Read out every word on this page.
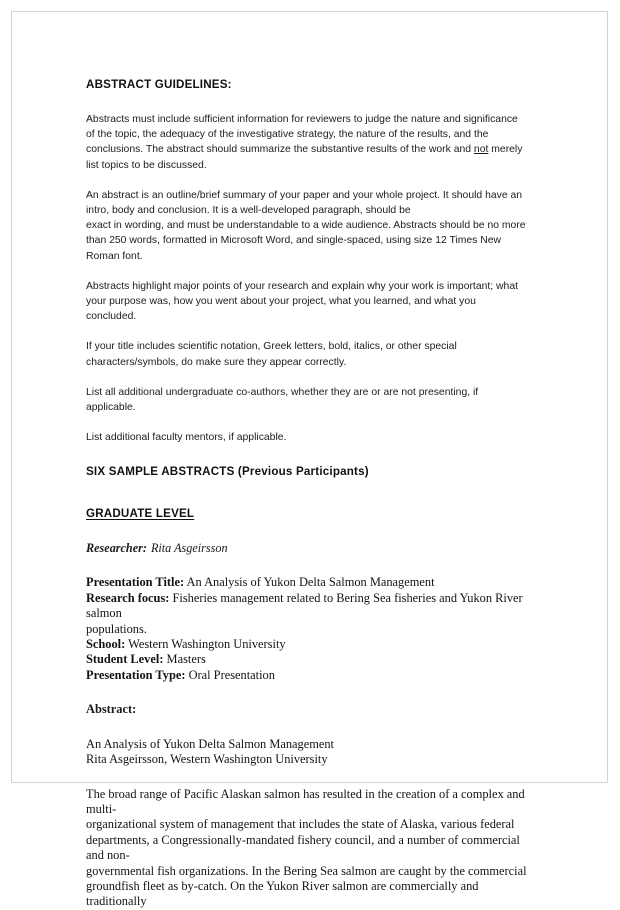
ABSTRACT GUIDELINES:

Abstracts must include sufficient information for reviewers to judge the nature and significance

of the topic, the adequacy of the investigative strategy, the nature of the results, and the

conclusions. The abstract should summarize the substantive results of the work and not merely

list topics to be discussed.

An abstract is an outline/brief summary of your paper and your whole project. It should have an

intro, body and conclusion. It is a well-developed paragraph, should be

exact in wording, and must be understandable to a wide audience. Abstracts should be no more

than 250 words, formatted in Microsoft Word, and single-spaced, using size 12 Times New

Roman font.

Abstracts highlight major points of your research and explain why your work is important; what

your purpose was, how you went about your project, what you learned, and what you

concluded.

If your title includes scientific notation, Greek letters, bold, italics, or other special

characters/symbols, do make sure they appear correctly.

List all additional undergraduate co-authors, whether they are or are not presenting, if

applicable.

List additional faculty mentors, if applicable.

SIX SAMPLE ABSTRACTS (Previous Participants)
GRADUATE LEVEL
Researcher: Rita Asgeirsson

Presentation Title: An Analysis of Yukon Delta Salmon Management

Research focus: Fisheries management related to Bering Sea fisheries and Yukon River salmon

populations.

School: Western Washington University

Student Level: Masters

Presentation Type: Oral Presentation

Abstract:

An Analysis of Yukon Delta Salmon Management

Rita Asgeirsson, Western Washington University

The broad range of Pacific Alaskan salmon has resulted in the creation of a complex and multi-

organizational system of management that includes the state of Alaska, various federal

departments, a Congressionally-mandated fishery council, and a number of commercial and non-

governmental fish organizations. In the Bering Sea salmon are caught by the commercial

groundfish fleet as by-catch. On the Yukon River salmon are commercially and traditionally
